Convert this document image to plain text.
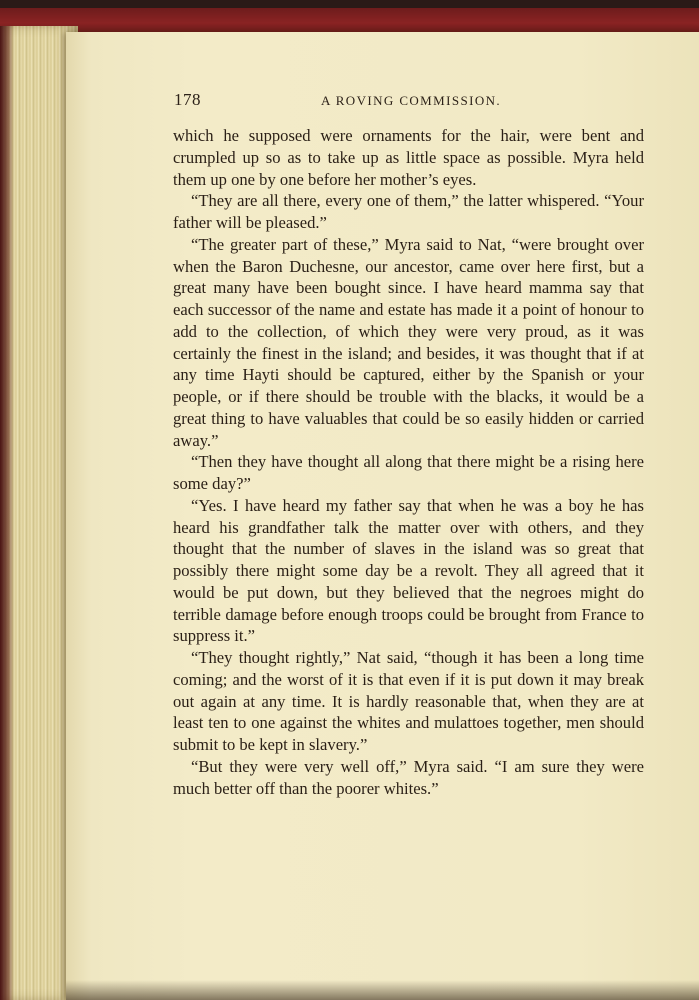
178	A ROVING COMMISSION.

which he supposed were ornaments for the hair, were bent and crumpled up so as to take up as little space as possible. Myra held them up one by one before her mother’s eyes.

“They are all there, every one of them,” the latter whispered. “Your father will be pleased.”

“The greater part of these,” Myra said to Nat, “were brought over when the Baron Duchesne, our ancestor, came over here first, but a great many have been bought since. I have heard mamma say that each successor of the name and estate has made it a point of honour to add to the collection, of which they were very proud, as it was certainly the finest in the island; and besides, it was thought that if at any time Hayti should be captured, either by the Spanish or your people, or if there should be trouble with the blacks, it would be a great thing to have valuables that could be so easily hidden or carried away.”

“Then they have thought all along that there might be a rising here some day?”

“Yes. I have heard my father say that when he was a boy he has heard his grandfather talk the matter over with others, and they thought that the number of slaves in the island was so great that possibly there might some day be a revolt. They all agreed that it would be put down, but they believed that the negroes might do terrible damage before enough troops could be brought from France to suppress it.”

“They thought rightly,” Nat said, “though it has been a long time coming; and the worst of it is that even if it is put down it may break out again at any time. It is hardly reasonable that, when they are at least ten to one against the whites and mulattoes together, men should submit to be kept in slavery.”

“But they were very well off,” Myra said. “I am sure they were much better off than the poorer whites.”
